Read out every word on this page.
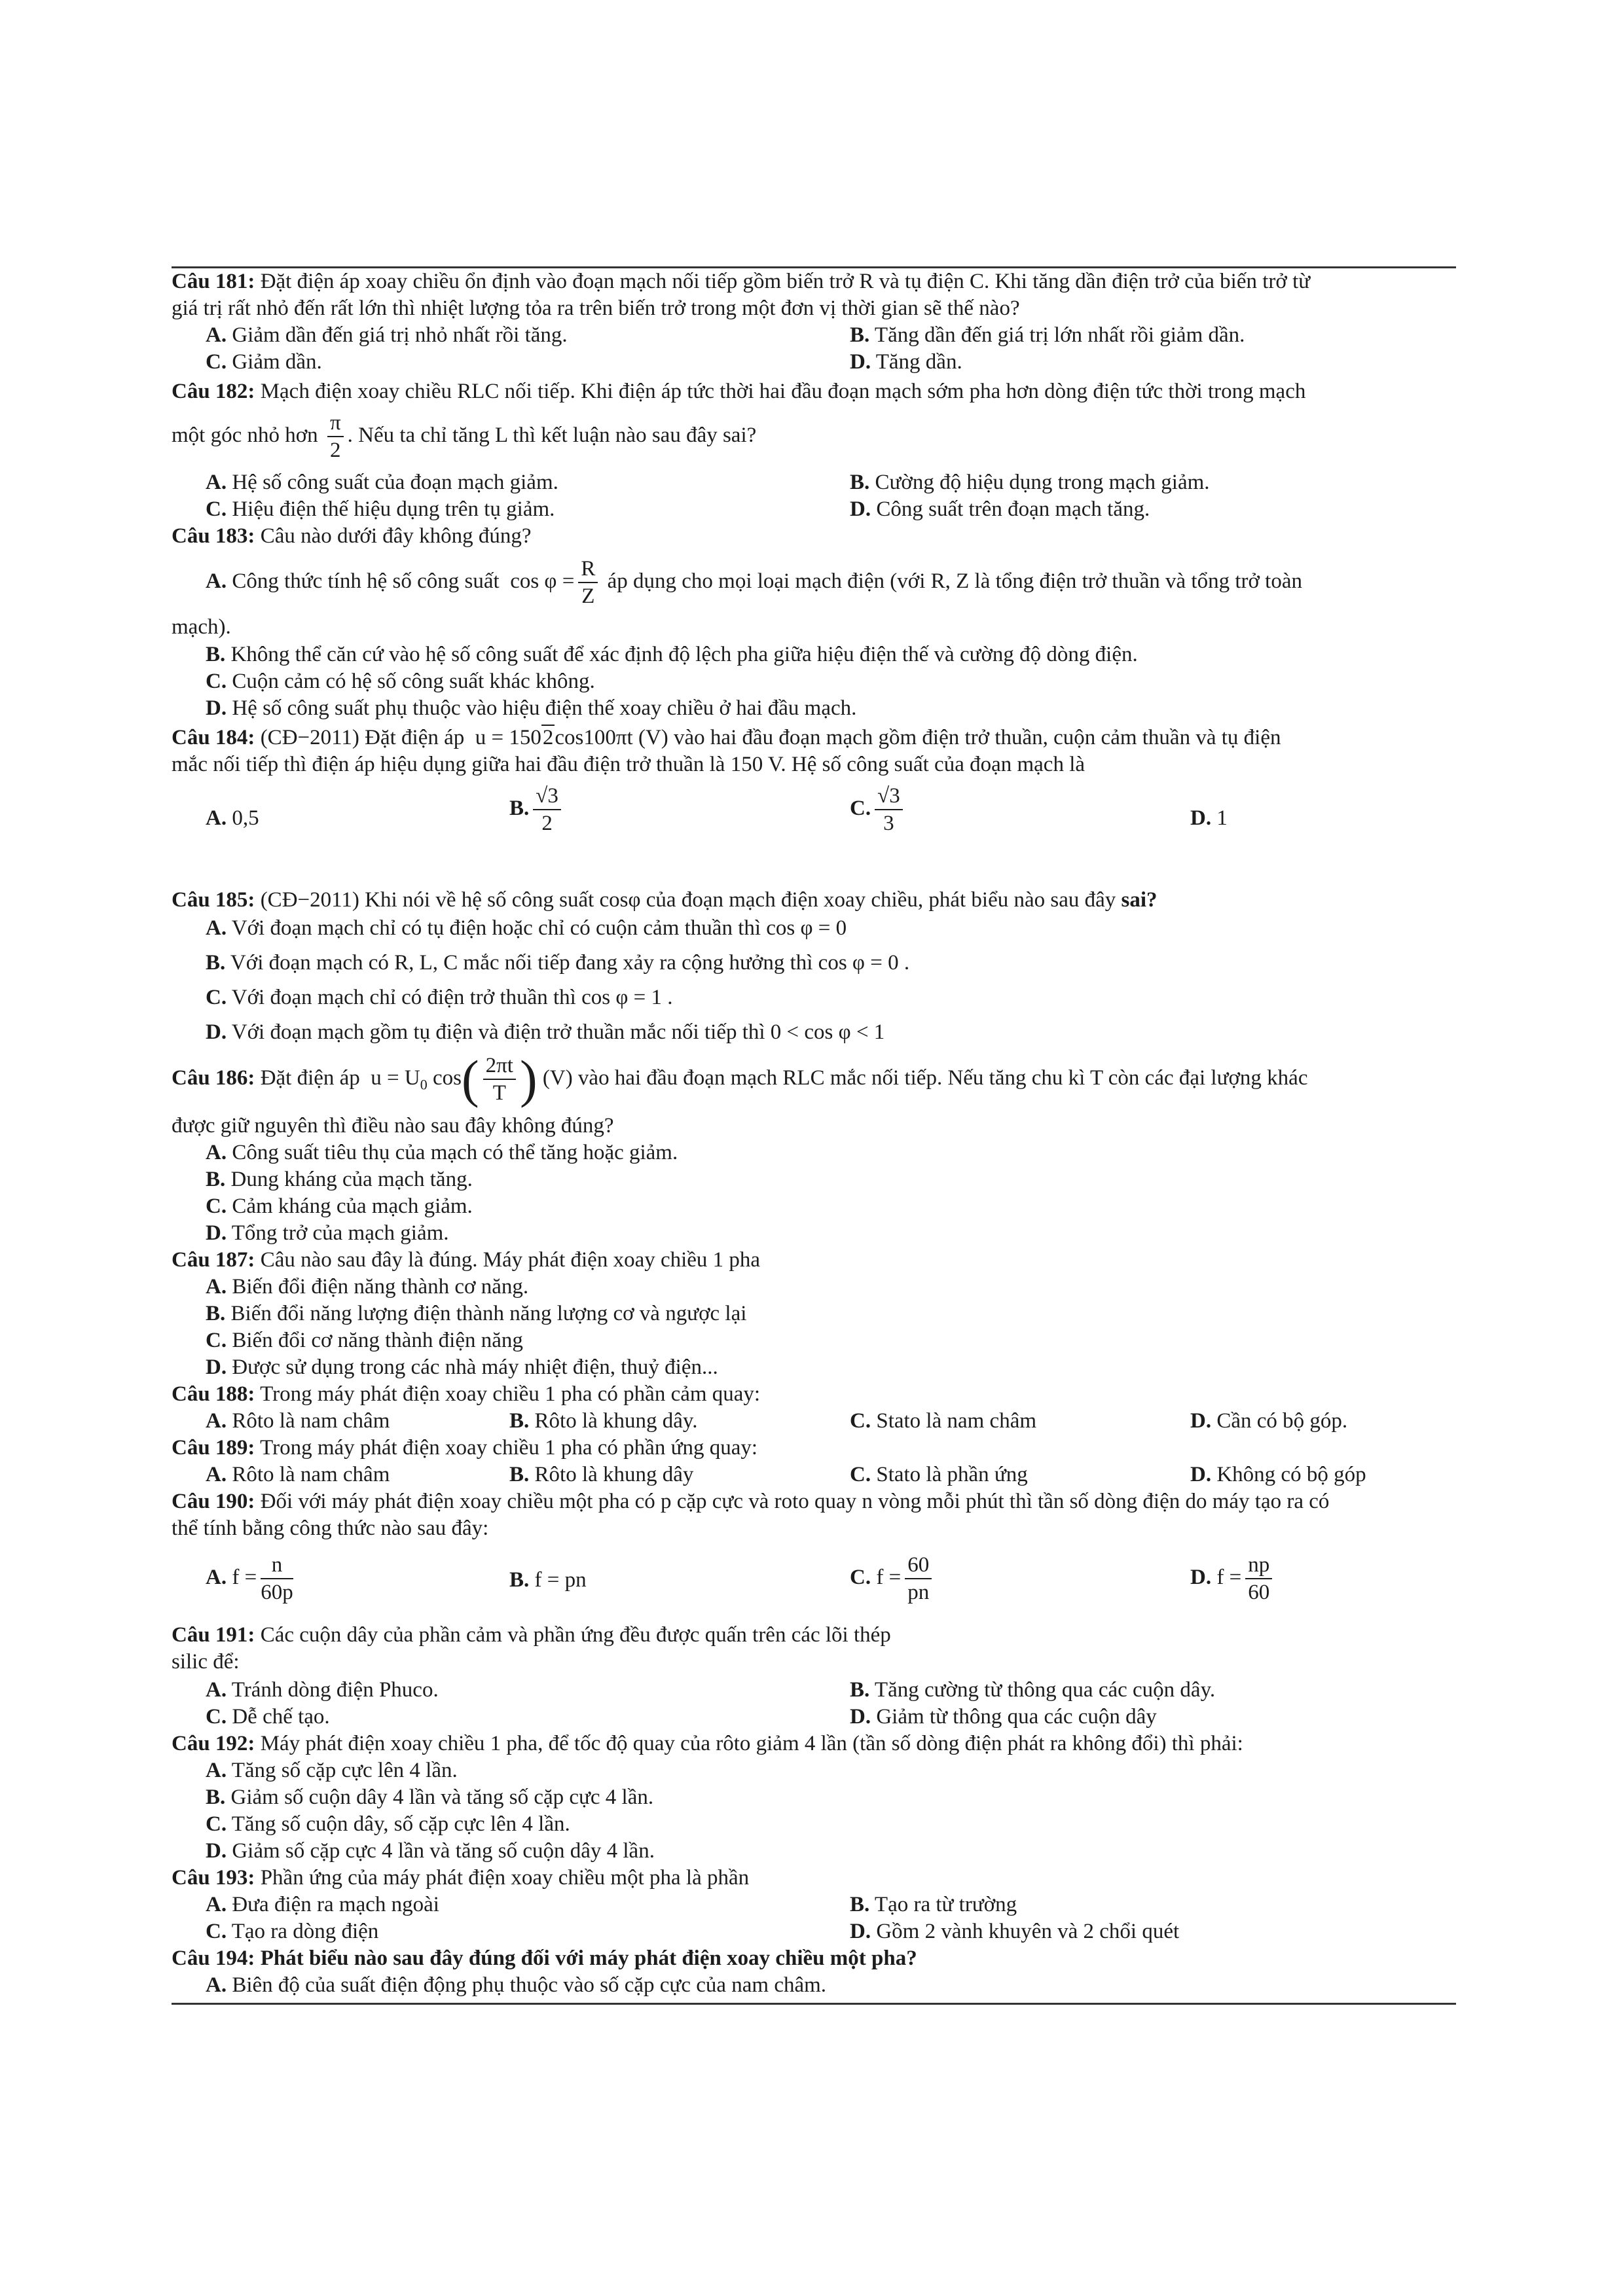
Câu 181: Đặt điện áp xoay chiều ổn định vào đoạn mạch nối tiếp gồm biến trở R và tụ điện C. Khi tăng dần điện trở của biến trở từ
giá trị rất nhỏ đến rất lớn thì nhiệt lượng tỏa ra trên biến trở trong một đơn vị thời gian sẽ thế nào?
A. Giảm dần đến giá trị nhỏ nhất rồi tăng.	B. Tăng dần đến giá trị lớn nhất rồi giảm dần.
C. Giảm dần.	D. Tăng dần.
Câu 182: Mạch điện xoay chiều RLC nối tiếp. Khi điện áp tức thời hai đầu đoạn mạch sớm pha hơn dòng điện tức thời trong mạch
một góc nhỏ hơn $\frac{\pi}{2}$ . Nếu ta chỉ tăng L thì kết luận nào sau đây sai?
A. Hệ số công suất của đoạn mạch giảm.	B. Cường độ hiệu dụng trong mạch giảm.
C. Hiệu điện thế hiệu dụng trên tụ giảm.	D. Công suất trên đoạn mạch tăng.
Câu 183: Câu nào dưới đây không đúng?
A. Công thức tính hệ số công suất $\cos \varphi = \frac{R}{Z}$ áp dụng cho mọi loại mạch điện (với R, Z là tổng điện trở thuần và tổng trở toàn
mạch).
B. Không thể căn cứ vào hệ số công suất để xác định độ lệch pha giữa hiệu điện thế và cường độ dòng điện.
C. Cuộn cảm có hệ số công suất khác không.
D. Hệ số công suất phụ thuộc vào hiệu điện thế xoay chiều ở hai đầu mạch.
Câu 184: (CĐ−2011) Đặt điện áp u = 1502cos100πt (V) vào hai đầu đoạn mạch gồm điện trở thuần, cuộn cảm thuần và tụ điện
mắc nối tiếp thì điện áp hiệu dụng giữa hai đầu điện trở thuần là 150 V. Hệ số công suất của đoạn mạch là
A. 0,5	B. $\frac{√3}{2}$	C. $\frac{√3}{3}$	D. 1
Câu 185: (CĐ−2011) Khi nói về hệ số công suất cosφ của đoạn mạch điện xoay chiều, phát biểu nào sau đây sai?
A. Với đoạn mạch chỉ có tụ điện hoặc chỉ có cuộn cảm thuần thì cos φ = 0
B. Với đoạn mạch có R, L, C mắc nối tiếp đang xảy ra cộng hưởng thì cos φ = 0 .
C. Với đoạn mạch chỉ có điện trở thuần thì cos φ = 1 .
D. Với đoạn mạch gồm tụ điện và điện trở thuần mắc nối tiếp thì 0 < cos φ < 1
Câu 186: Đặt điện áp $u = U_0$ $\cos( \frac{2\pi t}{T}$ ) (V) vào hai đầu đoạn mạch RLC mắc nối tiếp. Nếu tăng chu kì T còn các đại lượng khác
được giữ nguyên thì điều nào sau đây không đúng?
A. Công suất tiêu thụ của mạch có thể tăng hoặc giảm.
B. Dung kháng của mạch tăng.
C. Cảm kháng của mạch giảm.
D. Tổng trở của mạch giảm.
Câu 187: Câu nào sau đây là đúng. Máy phát điện xoay chiều 1 pha
A. Biến đổi điện năng thành cơ năng.
B. Biến đổi năng lượng điện thành năng lượng cơ và ngược lại
C. Biến đổi cơ năng thành điện năng
D. Được sử dụng trong các nhà máy nhiệt điện, thuỷ điện...
Câu 188: Trong máy phát điện xoay chiều 1 pha có phần cảm quay:
A. Rôto là nam châm	B. Rôto là khung dây.	C. Stato là nam châm	D. Cần có bộ góp.
Câu 189: Trong máy phát điện xoay chiều 1 pha có phần ứng quay:
A. Rôto là nam châm	B. Rôto là khung dây	C. Stato là phần ứng	D. Không có bộ góp
Câu 190: Đối với máy phát điện xoay chiều một pha có p cặp cực và roto quay n vòng mỗi phút thì tần số dòng điện do máy tạo ra có
thể tính bằng công thức nào sau đây:
A. $f = \frac{n}{60p}$	B. f = pn	C. $f = \frac{60}{pn}$	D. $f = \frac{np}{60}$
Câu 191: Các cuộn dây của phần cảm và phần ứng đều được quấn trên các lõi thép
silic để:
A. Tránh dòng điện Phuco.	B. Tăng cường từ thông qua các cuộn dây.
C. Dễ chế tạo.	D. Giảm từ thông qua các cuộn dây
Câu 192: Máy phát điện xoay chiều 1 pha, để tốc độ quay của rôto giảm 4 lần (tần số dòng điện phát ra không đổi) thì phải:
A. Tăng số cặp cực lên 4 lần.
B. Giảm số cuộn dây 4 lần và tăng số cặp cực 4 lần.
C. Tăng số cuộn dây, số cặp cực lên 4 lần.
D. Giảm số cặp cực 4 lần và tăng số cuộn dây 4 lần.
Câu 193: Phần ứng của máy phát điện xoay chiều một pha là phần
A. Đưa điện ra mạch ngoài	B. Tạo ra từ trường
C. Tạo ra dòng điện	D. Gồm 2 vành khuyên và 2 chổi quét
Câu 194: Phát biểu nào sau đây đúng đối với máy phát điện xoay chiều một pha?
A. Biên độ của suất điện động phụ thuộc vào số cặp cực của nam châm.
